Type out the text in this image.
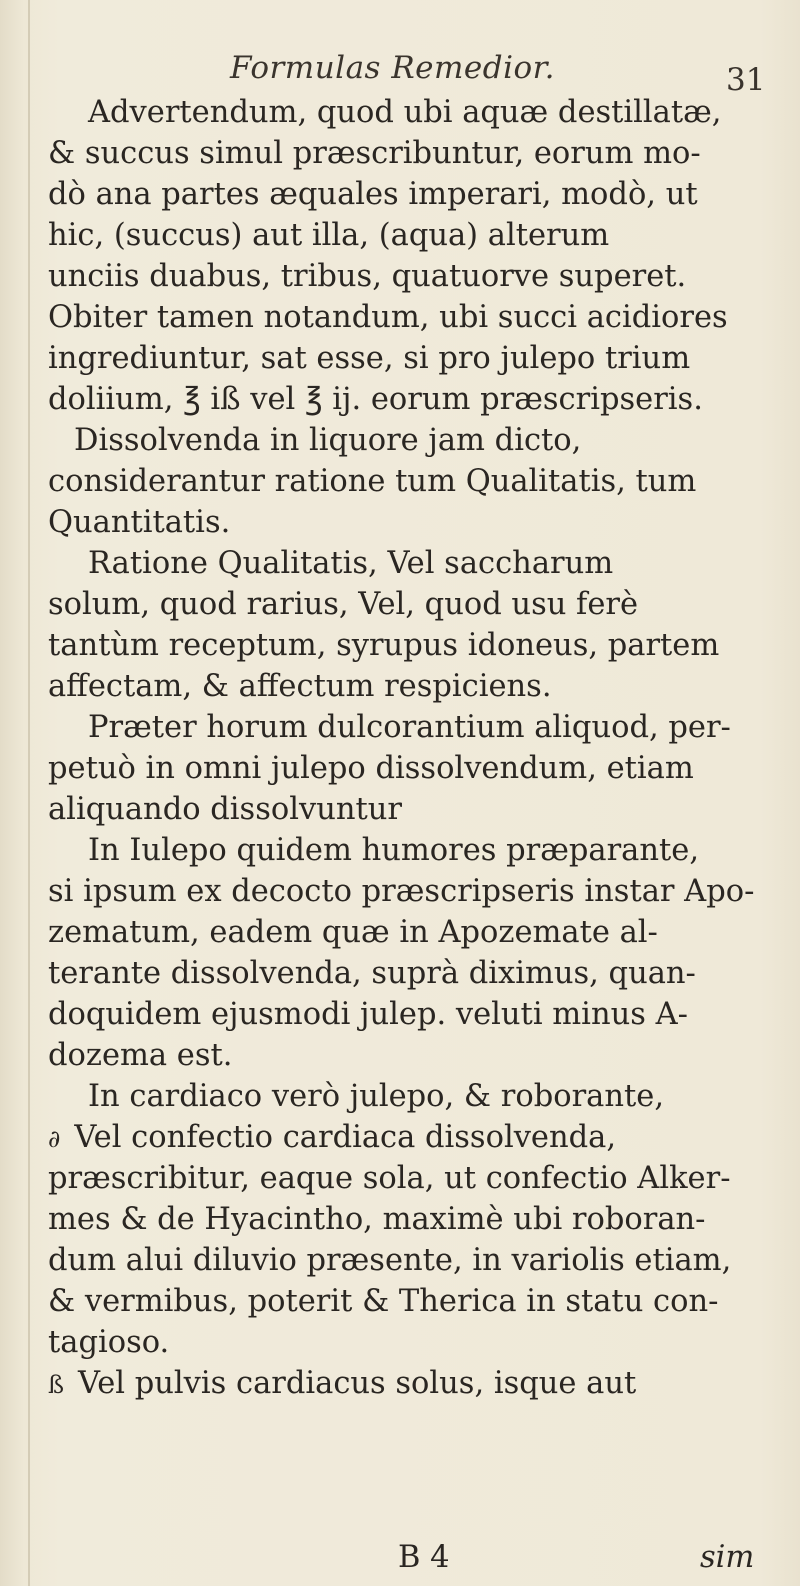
Formulas Remedior.	31
Advertendum, quod ubi aquæ destillatæ,
& succus simul præscribuntur, eorum mo-
dò ana partes æquales imperari, modò, ut
hic, (succus) aut illa, (aqua) alterum
unciis duabus, tribus, quatuorve superet.
Obiter tamen notandum, ubi succi acidiores
ingrediuntur, sat esse, si pro julepo trium
doliium, ℥ iß vel ℥ ij. eorum præscripseris.
Dissolvenda in liquore jam dicto,
considerantur ratione tum Qualitatis, tum
Quantitatis.
Ratione Qualitatis, Vel saccharum
solum, quod rarius, Vel, quod usu ferè
tantùm receptum, syrupus idoneus, partem
affectam, & affectum respiciens.
Præter horum dulcorantium aliquod, per-
petuò in omni julepo dissolvendum, etiam
aliquando dissolvuntur
In Iulepo quidem humores præparante,
si ipsum ex decocto præscripseris instar Apo-
zematum, eadem quæ in Apozemate al-
terante dissolvenda, suprà diximus, quan-
doquidem ejusmodi julep. veluti minus A-
dozema est.
In cardiaco verò julepo, & roborante,
∂ Vel confectio cardiaca dissolvenda,
præscribitur, eaque sola, ut confectio Alker-
mes & de Hyacintho, maximè ubi roboran-
dum alui diluvio præsente, in variolis etiam,
& vermibus, poterit & Therica in statu con-
tagioso.
ß Vel pulvis cardiacus solus, isque aut
B 4	sim
